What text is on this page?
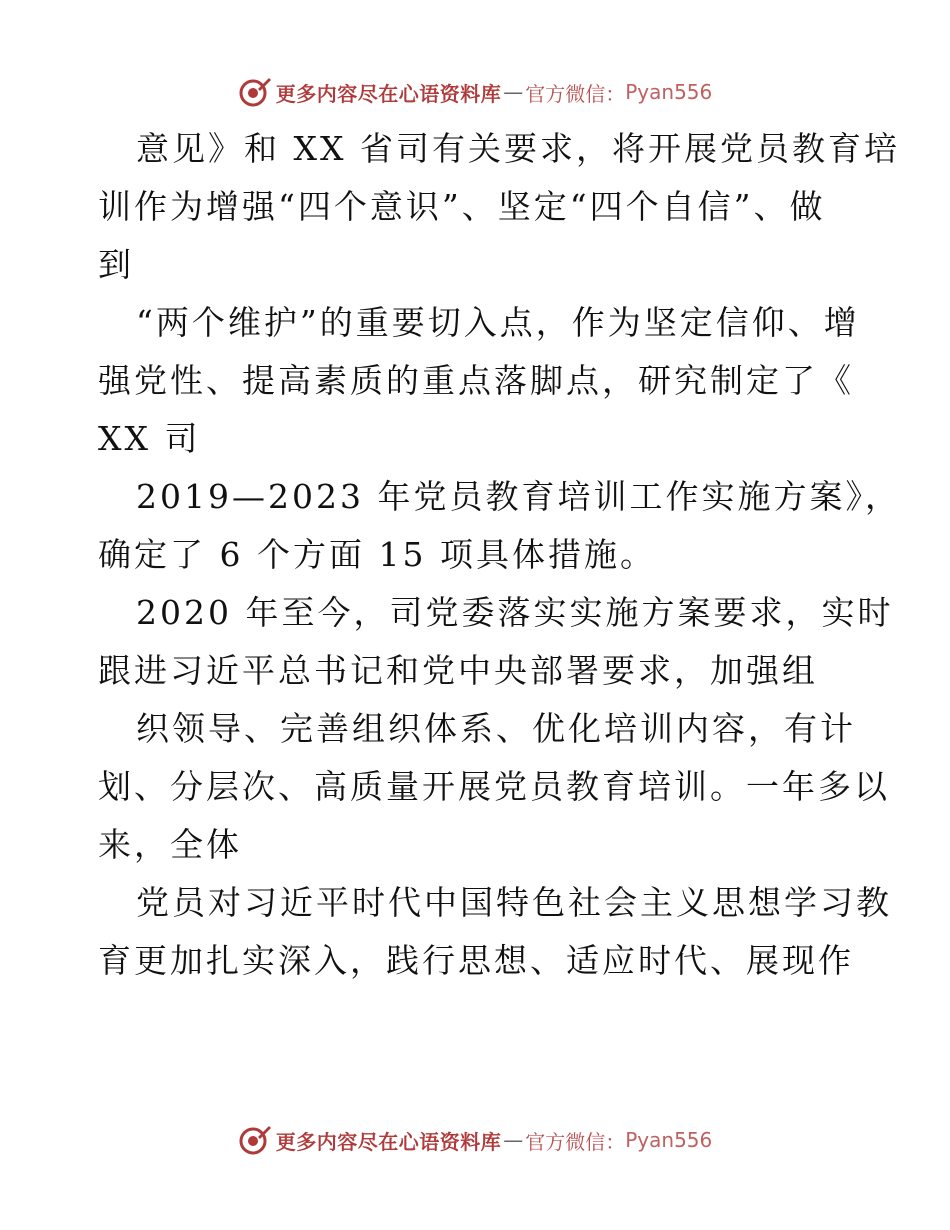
更多内容尽在心语资料库 — 官方微信： Pyan556
意见》和 XX 省司有关要求，将开展党员教育培
训作为增强“四个意识”、坚定“四个自信”、做
到
“两个维护”的重要切入点，作为坚定信仰、增
强党性、提高素质的重点落脚点，研究制定了《
XX 司
2019—2023 年党员教育培训工作实施方案》，
确定了 6 个方面 15 项具体措施。
2020 年至今，司党委落实实施方案要求，实时
跟进习近平总书记和党中央部署要求，加强组
织领导、完善组织体系、优化培训内容，有计
划、分层次、高质量开展党员教育培训。一年多以
来，全体
党员对习近平时代中国特色社会主义思想学习教
育更加扎实深入，践行思想、适应时代、展现作
更多内容尽在心语资料库 — 官方微信： Pyan556
